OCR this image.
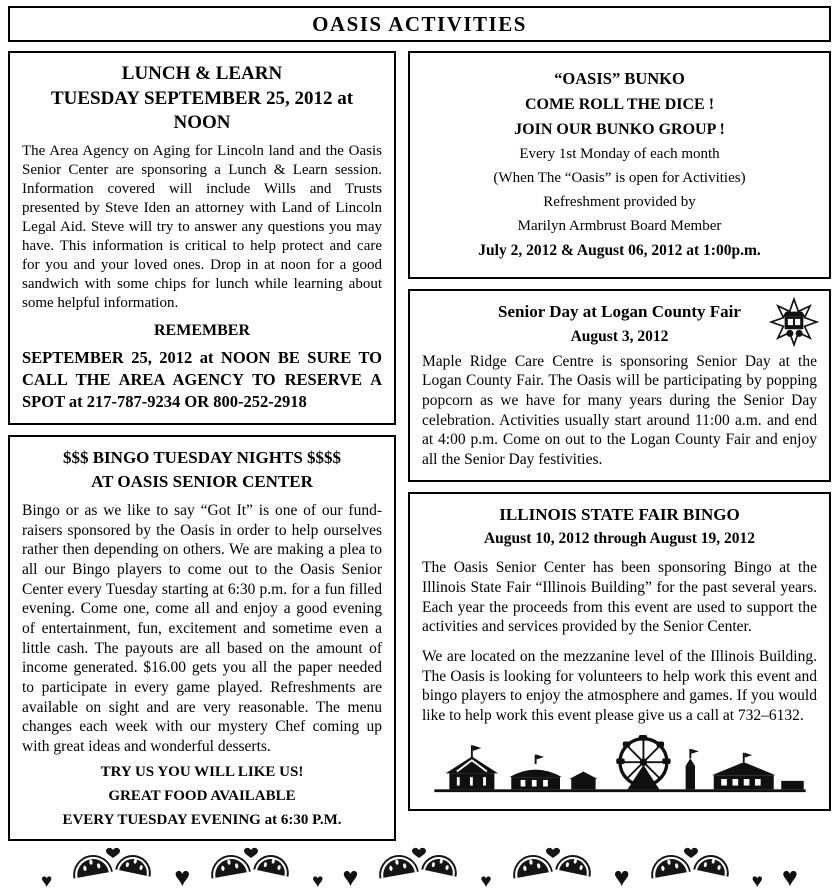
OASIS ACTIVITIES
LUNCH & LEARN
TUESDAY SEPTEMBER 25, 2012 at NOON

The Area Agency on Aging for Lincoln land and the Oasis Senior Center are sponsoring a Lunch & Learn session. Information covered will include Wills and Trusts presented by Steve Iden an attorney with Land of Lincoln Legal Aid. Steve will try to answer any questions you may have. This information is critical to help protect and care for you and your loved ones. Drop in at noon for a good sandwich with some chips for lunch while learning about some helpful information.

REMEMBER

SEPTEMBER 25, 2012 at NOON BE SURE TO CALL THE AREA AGENCY TO RESERVE A SPOT at 217-787-9234 OR 800-252-2918

$$$ BINGO TUESDAY NIGHTS $$$$
AT OASIS SENIOR CENTER

Bingo or as we like to say “Got It” is one of our fund-raisers sponsored by the Oasis in order to help ourselves rather then depending on others. We are making a plea to all our Bingo players to come out to the Oasis Senior Center every Tuesday starting at 6:30 p.m. for a fun filled evening. Come one, come all and enjoy a good evening of entertainment, fun, excitement and sometime even a little cash. The payouts are all based on the amount of income generated. $16.00 gets you all the paper needed to participate in every game played. Refreshments are available on sight and are very reasonable. The menu changes each week with our mystery Chef coming up with great ideas and wonderful desserts.

TRY US YOU WILL LIKE US!

GREAT FOOD AVAILABLE

EVERY TUESDAY EVENING at 6:30 P.M.

“OASIS” BUNKO

COME ROLL THE DICE !

JOIN OUR BUNKO GROUP !

Every 1st Monday of each month

(When The “Oasis” is open for Activities)

Refreshment provided by

Marilyn Armbrust Board Member

July 2, 2012 & August 06, 2012 at 1:00p.m.

Senior Day at Logan County Fair

August 3, 2012

Maple Ridge Care Centre is sponsoring Senior Day at the Logan County Fair. The Oasis will be participating by popping popcorn as we have for many years during the Senior Day celebration. Activities usually start around 11:00 a.m. and end at 4:00 p.m. Come on out to the Logan County Fair and enjoy all the Senior Day festivities.

ILLINOIS STATE FAIR BINGO

August 10, 2012 through August 19, 2012

The Oasis Senior Center has been sponsoring Bingo at the Illinois State Fair “Illinois Building” for the past several years. Each year the proceeds from this event are used to support the activities and services provided by the Senior Center.

We are located on the mezzanine level of the Illinois Building. The Oasis is looking for volunteers to help work this event and bingo players to enjoy the atmosphere and games. If you would like to help work this event please give us a call at 732–6132.

♥	♥	♥ ♥	♥	♥	♥ ♥
